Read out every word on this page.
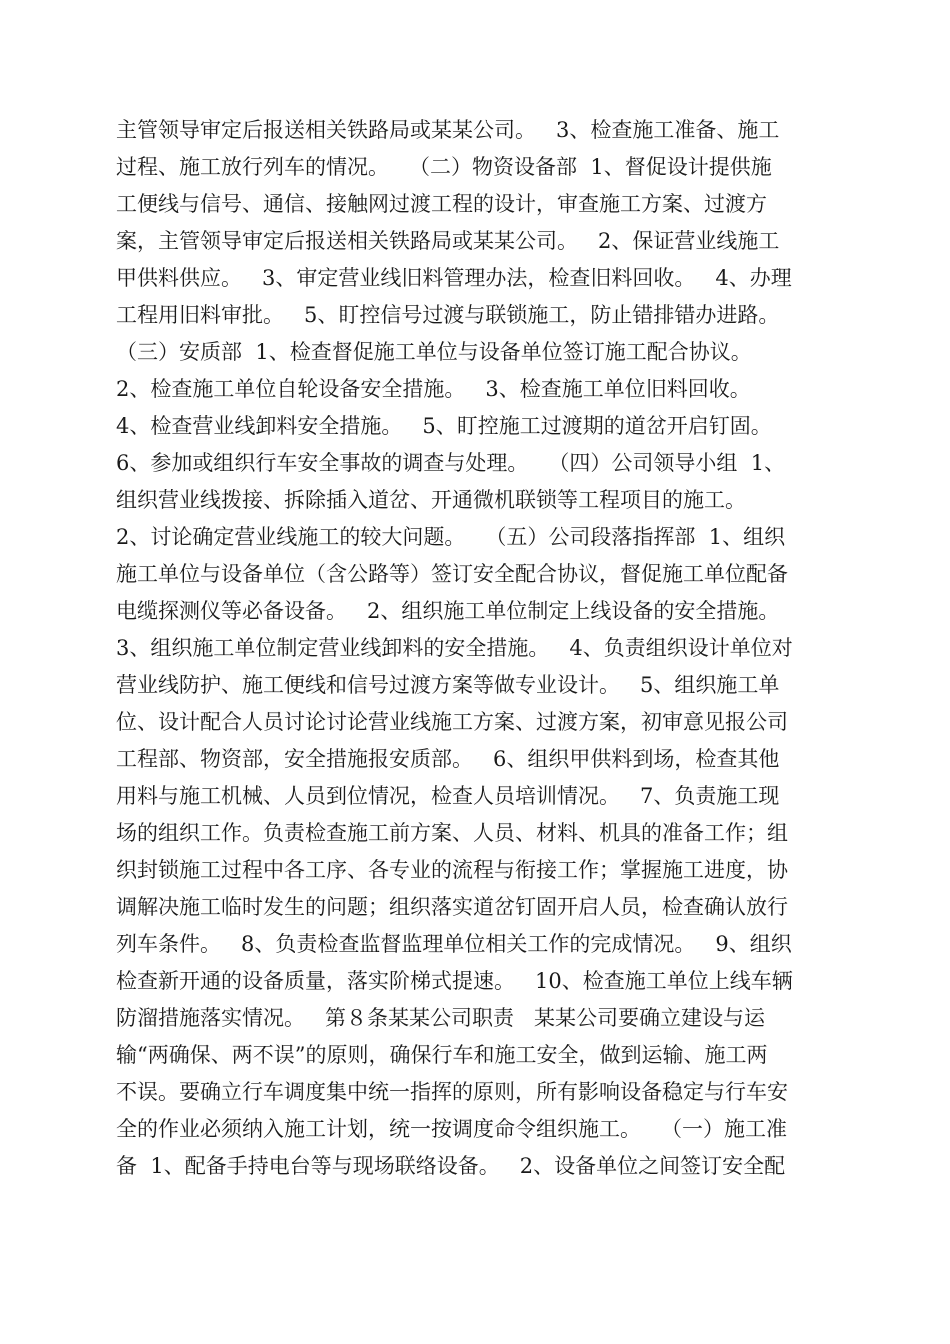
主管领导审定后报送相关铁路局或某某公司。   3、检查施工准备、施工
过程、施工放行列车的情况。   （二）物资设备部  1、督促设计提供施
工便线与信号、通信、接触网过渡工程的设计，审查施工方案、过渡方
案，主管领导审定后报送相关铁路局或某某公司。   2、保证营业线施工
甲供料供应。   3、审定营业线旧料管理办法，检查旧料回收。   4、办理
工程用旧料审批。   5、盯控信号过渡与联锁施工，防止错排错办进路。
（三）安质部  1、检查督促施工单位与设备单位签订施工配合协议。
2、检查施工单位自轮设备安全措施。   3、检查施工单位旧料回收。
4、检查营业线卸料安全措施。   5、盯控施工过渡期的道岔开启钉固。
6、参加或组织行车安全事故的调查与处理。   （四）公司领导小组  1、
组织营业线拨接、拆除插入道岔、开通微机联锁等工程项目的施工。
2、讨论确定营业线施工的较大问题。   （五）公司段落指挥部  1、组织
施工单位与设备单位（含公路等）签订安全配合协议，督促施工单位配备
电缆探测仪等必备设备。   2、组织施工单位制定上线设备的安全措施。
3、组织施工单位制定营业线卸料的安全措施。   4、负责组织设计单位对
营业线防护、施工便线和信号过渡方案等做专业设计。   5、组织施工单
位、设计配合人员讨论讨论营业线施工方案、过渡方案，初审意见报公司
工程部、物资部，安全措施报安质部。   6、组织甲供料到场，检查其他
用料与施工机械、人员到位情况，检查人员培训情况。   7、负责施工现
场的组织工作。负责检查施工前方案、人员、材料、机具的准备工作；组
织封锁施工过程中各工序、各专业的流程与衔接工作；掌握施工进度，协
调解决施工临时发生的问题；组织落实道岔钉固开启人员，检查确认放行
列车条件。   8、负责检查监督监理单位相关工作的完成情况。   9、组织
检查新开通的设备质量，落实阶梯式提速。   10、检查施工单位上线车辆
防溜措施落实情况。   第８条某某公司职责   某某公司要确立建设与运
输“两确保、两不误”的原则，确保行车和施工安全，做到运输、施工两
不误。要确立行车调度集中统一指挥的原则，所有影响设备稳定与行车安
全的作业必须纳入施工计划，统一按调度命令组织施工。   （一）施工准
备  1、配备手持电台等与现场联络设备。   2、设备单位之间签订安全配
